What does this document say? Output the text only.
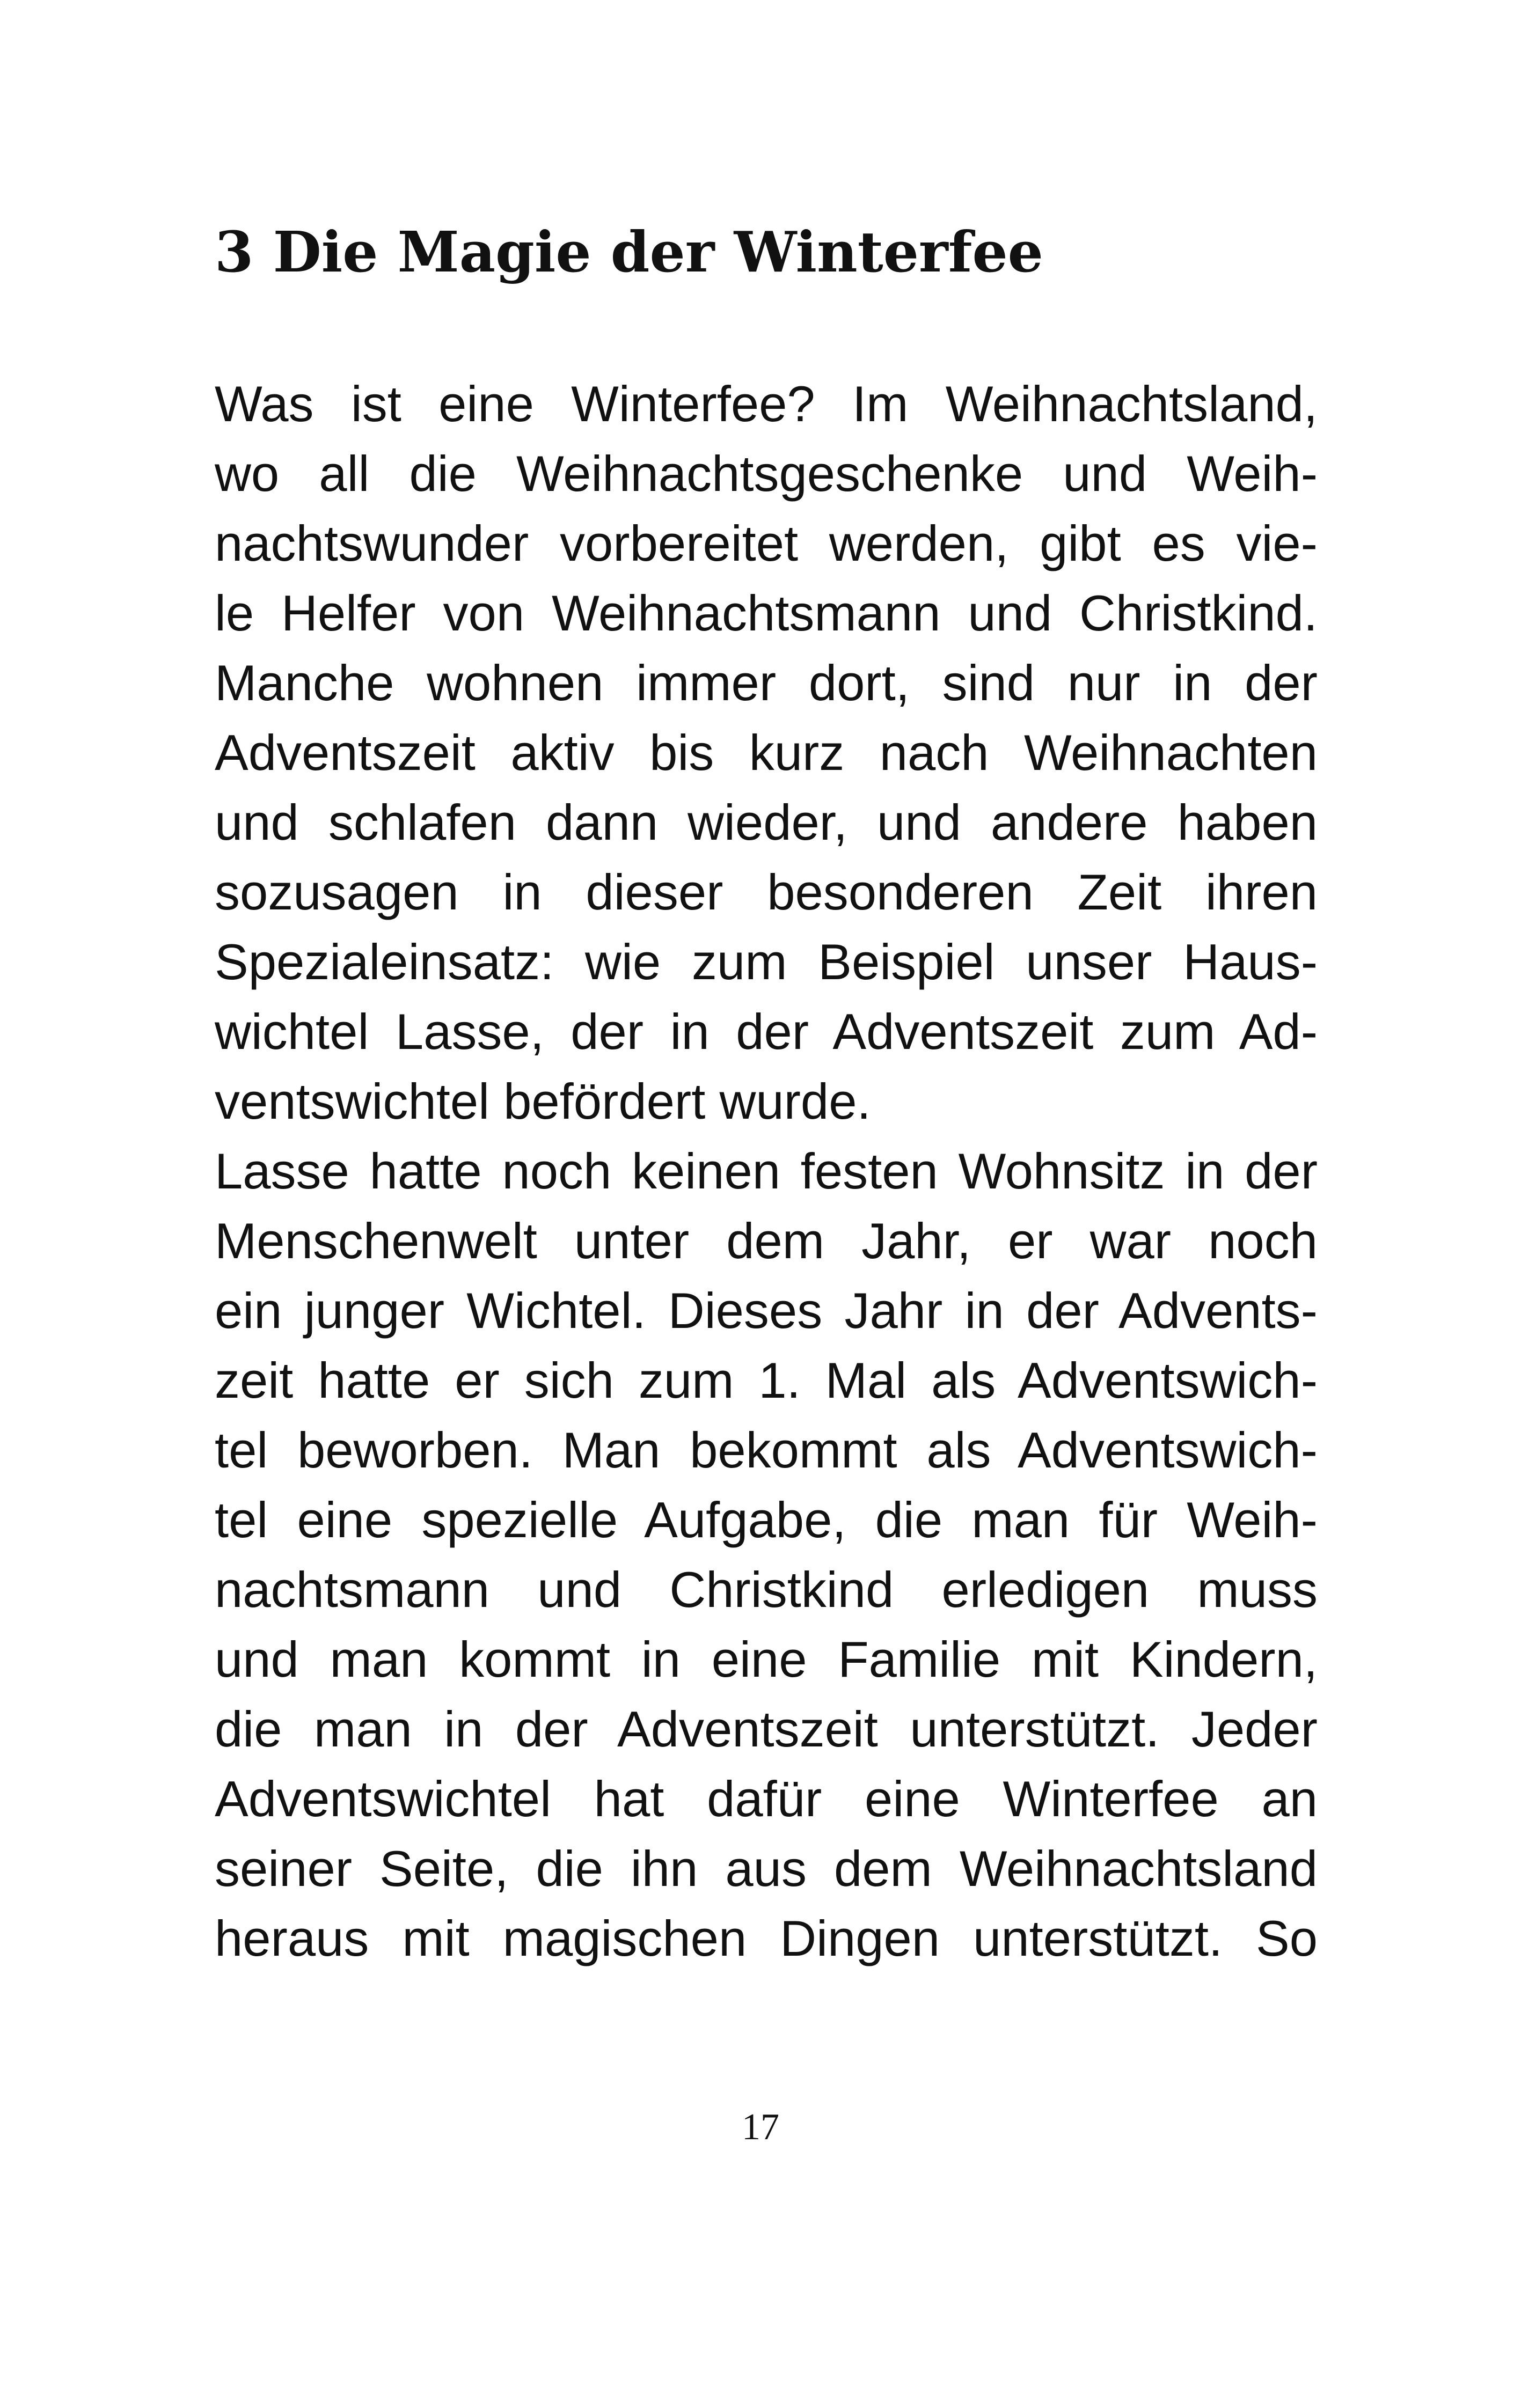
3 Die Magie der Winterfee
Was ist eine Winterfee? Im Weihnachtsland,
wo all die Weihnachtsgeschenke und Weih-
nachtswunder vorbereitet werden, gibt es vie-
le Helfer von Weihnachtsmann und Christkind.
Manche wohnen immer dort, sind nur in der
Adventszeit aktiv bis kurz nach Weihnachten
und schlafen dann wieder, und andere haben
sozusagen in dieser besonderen Zeit ihren
Spezialeinsatz: wie zum Beispiel unser Haus-
wichtel Lasse, der in der Adventszeit zum Ad-
ventswichtel befördert wurde.
Lasse hatte noch keinen festen Wohnsitz in der
Menschenwelt unter dem Jahr, er war noch
ein junger Wichtel. Dieses Jahr in der Advents-
zeit hatte er sich zum 1. Mal als Adventswich-
tel beworben. Man bekommt als Adventswich-
tel eine spezielle Aufgabe, die man für Weih-
nachtsmann und Christkind erledigen muss
und man kommt in eine Familie mit Kindern,
die man in der Adventszeit unterstützt. Jeder
Adventswichtel hat dafür eine Winterfee an
seiner Seite, die ihn aus dem Weihnachtsland
heraus mit magischen Dingen unterstützt. So
17
